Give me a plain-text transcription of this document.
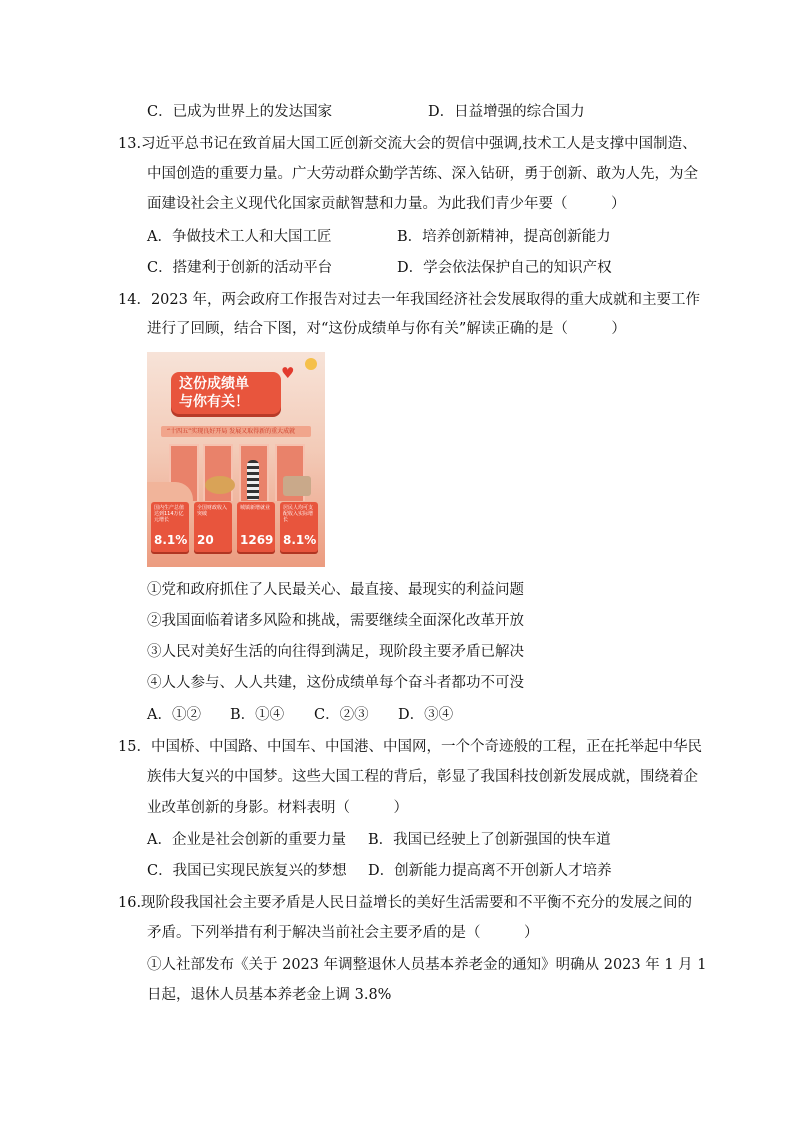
C．已成为世界上的发达国家	D．日益增强的综合国力
13.习近平总书记在致首届大国工匠创新交流大会的贺信中强调,技术工人是支撑中国制造、
中国创造的重要力量。广大劳动群众勤学苦练、深入钻研，勇于创新、敢为人先，为全
面建设社会主义现代化国家贡献智慧和力量。为此我们青少年要（　　　）
A．争做技术工人和大国工匠	B．培养创新精神，提高创新能力
C．搭建利于创新的活动平台	D．学会依法保护自己的知识产权
14．2023 年，两会政府工作报告对过去一年我国经济社会发展取得的重大成就和主要工作
进行了回顾，结合下图，对“这份成绩单与你有关”解读正确的是（　　　）
♥
这份成绩单
与你有关！
“十四五”实现良好开局 发展又取得新的重大成就
国内生产总值达到114万亿元增长
8.1%
全国财政收入突破
20
城镇新增就业
1269
居民人均可支配收入实际增长
8.1%
①党和政府抓住了人民最关心、最直接、最现实的利益问题
②我国面临着诸多风险和挑战，需要继续全面深化改革开放
③人民对美好生活的向往得到满足，现阶段主要矛盾已解决
④人人参与、人人共建，这份成绩单每个奋斗者都功不可没
A．①② B．①④ C．②③ D．③④
15．中国桥、中国路、中国车、中国港、中国网，一个个奇迹般的工程，正在托举起中华民
族伟大复兴的中国梦。这些大国工程的背后，彰显了我国科技创新发展成就，围绕着企
业改革创新的身影。材料表明（　　　）
A．企业是社会创新的重要力量 B．我国已经驶上了创新强国的快车道
C．我国已实现民族复兴的梦想 D．创新能力提高离不开创新人才培养
16.现阶段我国社会主要矛盾是人民日益增长的美好生活需要和不平衡不充分的发展之间的
矛盾。下列举措有利于解决当前社会主要矛盾的是（　　　）
①人社部发布《关于 2023 年调整退休人员基本养老金的通知》明确从 2023 年 1 月 1
日起，退休人员基本养老金上调 3.8%
